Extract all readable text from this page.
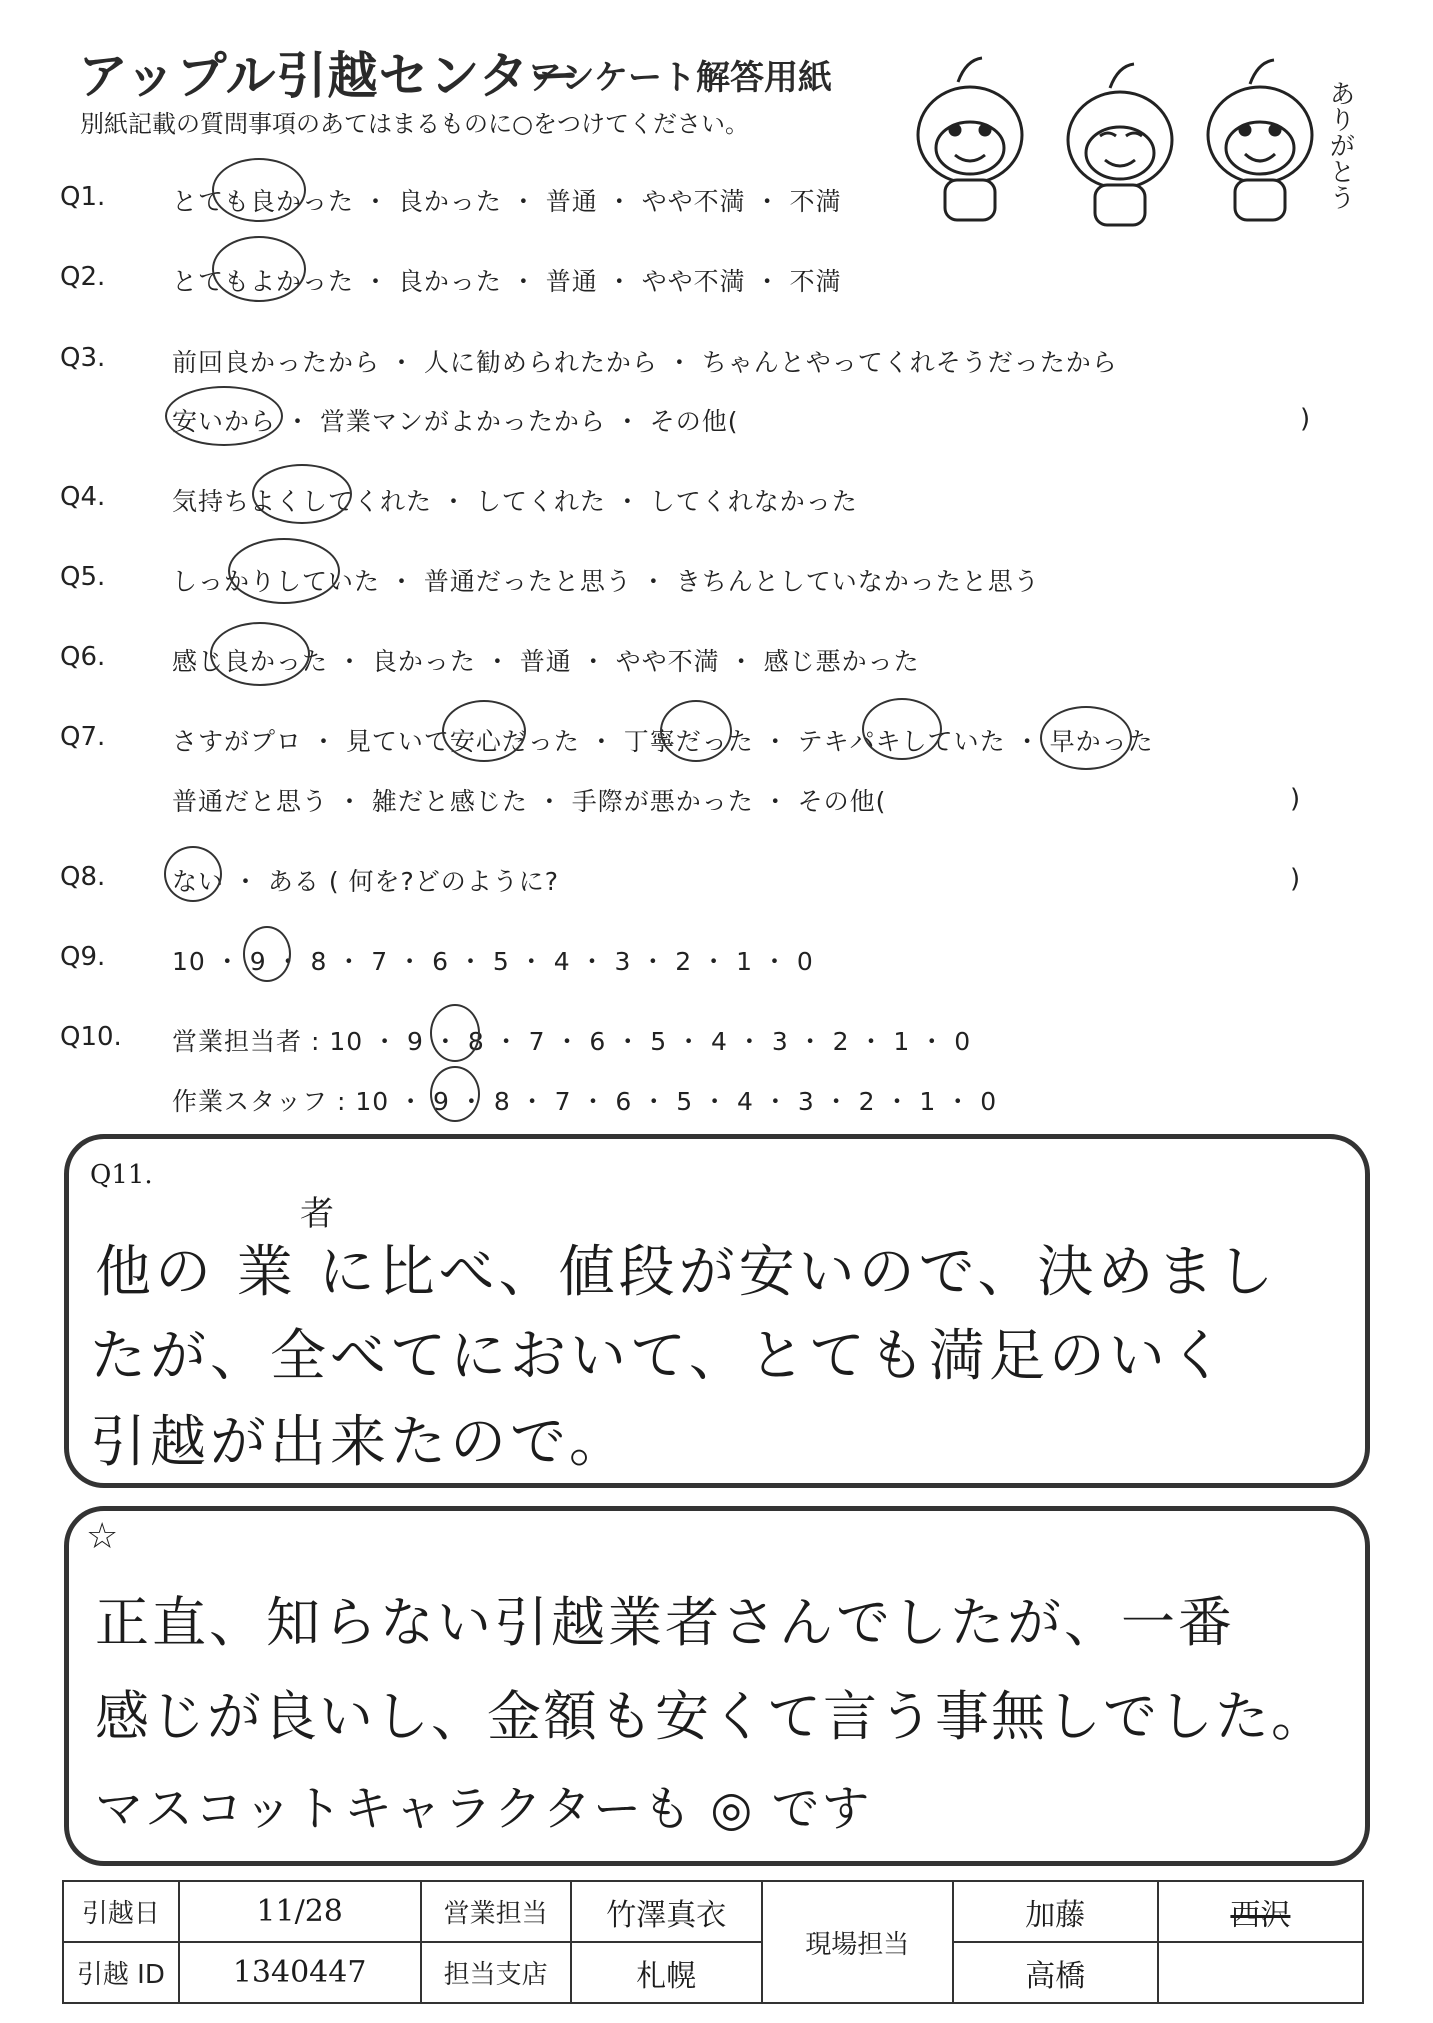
アップル引越センター
アンケート解答用紙
別紙記載の質問事項のあてはまるものに○をつけてください。	ありがとう
Q1.	とても良かった ・ 良かった ・ 普通 ・ やや不満 ・ 不満
Q2.	とてもよかった ・ 良かった ・ 普通 ・ やや不満 ・ 不満
Q3.	前回良かったから ・ 人に勧められたから ・ ちゃんとやってくれそうだったから
安いから ・ 営業マンがよかったから ・ その他(	)
Q4.	気持ちよくしてくれた ・ してくれた ・ してくれなかった
Q5.	しっかりしていた ・ 普通だったと思う ・ きちんとしていなかったと思う
Q6.	感じ良かった ・ 良かった ・ 普通 ・ やや不満 ・ 感じ悪かった
Q7.	さすがプロ ・ 見ていて安心だった ・ 丁寧だった ・ テキパキしていた ・ 早かった
普通だと思う ・ 雑だと感じた ・ 手際が悪かった ・ その他(	)
Q8.	ない ・ ある ( 何を?どのように?	)
Q9.	10 ・ 9 ・ 8 ・ 7 ・ 6 ・ 5 ・ 4 ・ 3 ・ 2 ・ 1 ・ 0
Q10. 営業担当者 : 10 ・ 9 ・ 8 ・ 7 ・ 6 ・ 5 ・ 4 ・ 3 ・ 2 ・ 1 ・ 0
作業スタッフ : 10 ・ 9 ・ 8 ・ 7 ・ 6 ・ 5 ・ 4 ・ 3 ・ 2 ・ 1 ・ 0
Q11.
者
他の 業 に比べ、値段が安いので、決めまし
たが、全べてにおいて、とても満足のいく
引越が出来たので。
☆
正直、知らない引越業者さんでしたが、一番
感じが良いし、金額も安くて言う事無しでした。
マスコットキャラクターも ◎ です
引越日	11/28	営業担当	竹澤真衣	現場担当	加藤	西沢
引越 ID	1340447	担当支店	札幌		高橋	
